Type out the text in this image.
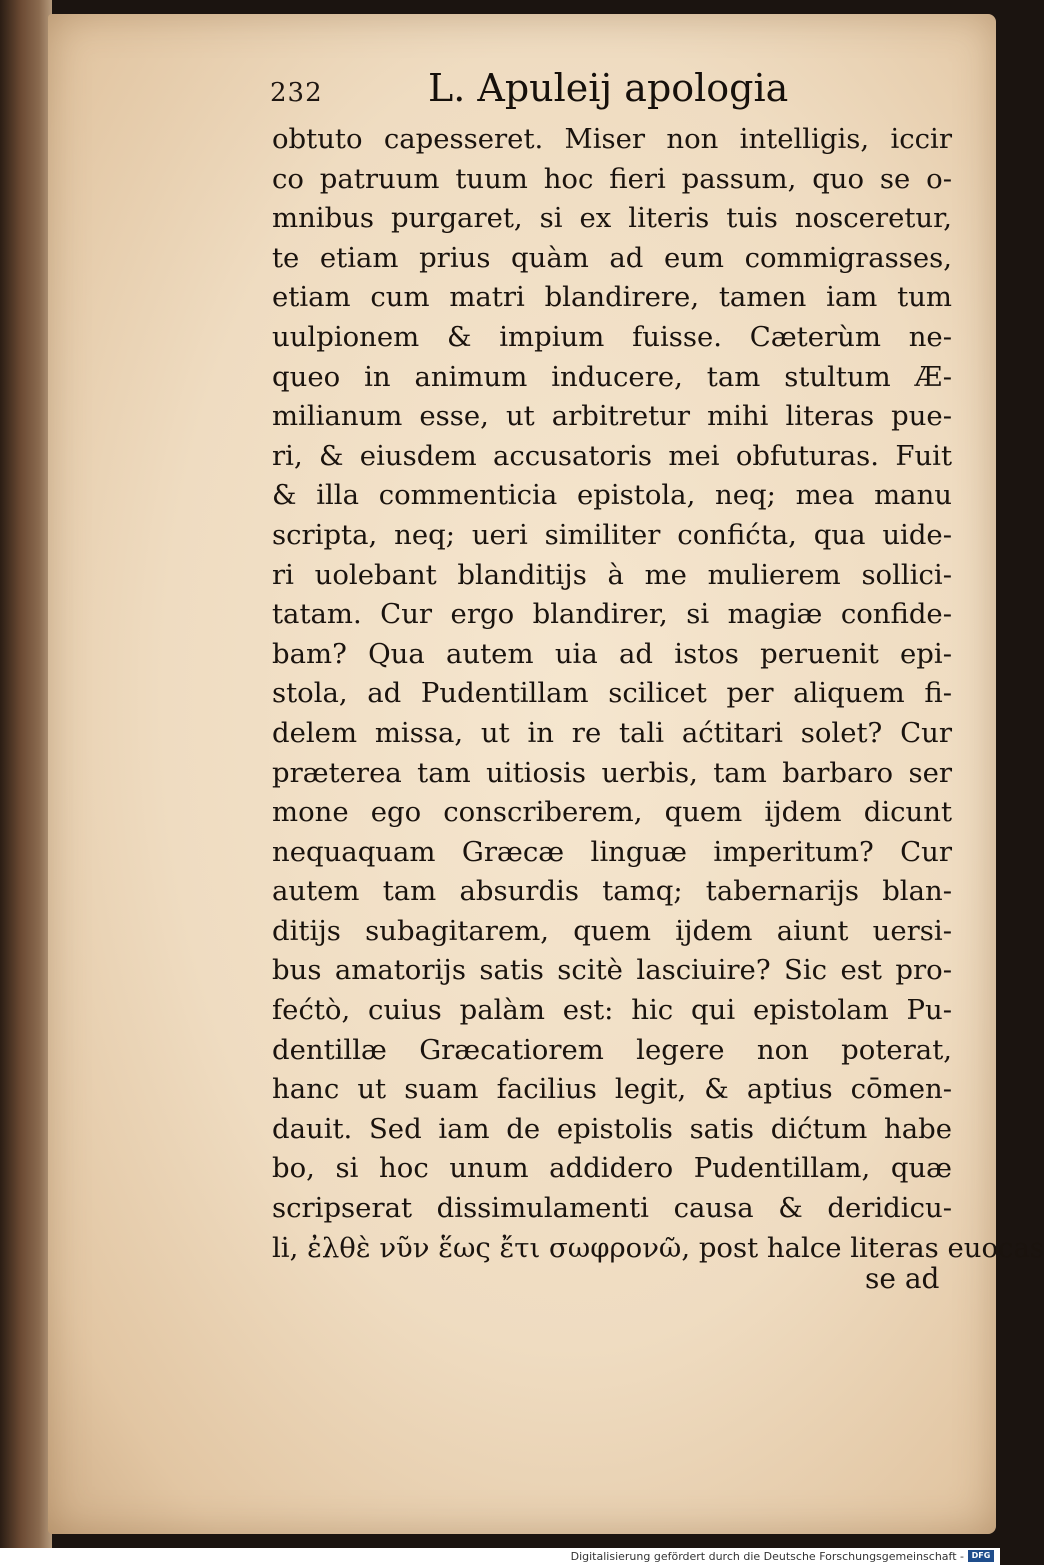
232	L. Apuleij apologia
obtuto capesseret. Miser non intelligis, iccir
co patruum tuum hoc fieri passum, quo se o-
mnibus purgaret, si ex literis tuis nosceretur,
te etiam prius quàm ad eum commigrasses,
etiam cum matri blandirere, tamen iam tum
uulpionem & impium fuisse. Cæterùm ne-
queo in animum inducere, tam stultum Æ-
milianum esse, ut arbitretur mihi literas pue-
ri, & eiusdem accusatoris mei obfuturas. Fuit
& illa commenticia epistola, neq; mea manu
scripta, neq; ueri similiter confićta, qua uide-
ri uolebant blanditijs à me mulierem sollici-
tatam. Cur ergo blandirer, si magiæ confide-
bam? Qua autem uia ad istos peruenit epi-
stola, ad Pudentillam scilicet per aliquem fi-
delem missa, ut in re tali aćtitari solet? Cur
præterea tam uitiosis uerbis, tam barbaro ser
mone ego conscriberem, quem ijdem dicunt
nequaquam Græcæ linguæ imperitum? Cur
autem tam absurdis tamq; tabernarijs blan-
ditijs subagitarem, quem ijdem aiunt uersi-
bus amatorijs satis scitè lasciuire? Sic est pro-
fećtò, cuius palàm est: hic qui epistolam Pu-
dentillæ Græcatiorem legere non poterat,
hanc ut suam facilius legit, & aptius cōmen-
dauit. Sed iam de epistolis satis dićtum habe
bo, si hoc unum addidero Pudentillam, quæ
scripserat dissimulamenti causa & deridicu-
li, ἐλθὲ νῦν ἕως ἔτι σωφρονῶ, post halce literas euocas
se ad
Digitalisierung gefördert durch die Deutsche Forschungsgemeinschaft - DFG
